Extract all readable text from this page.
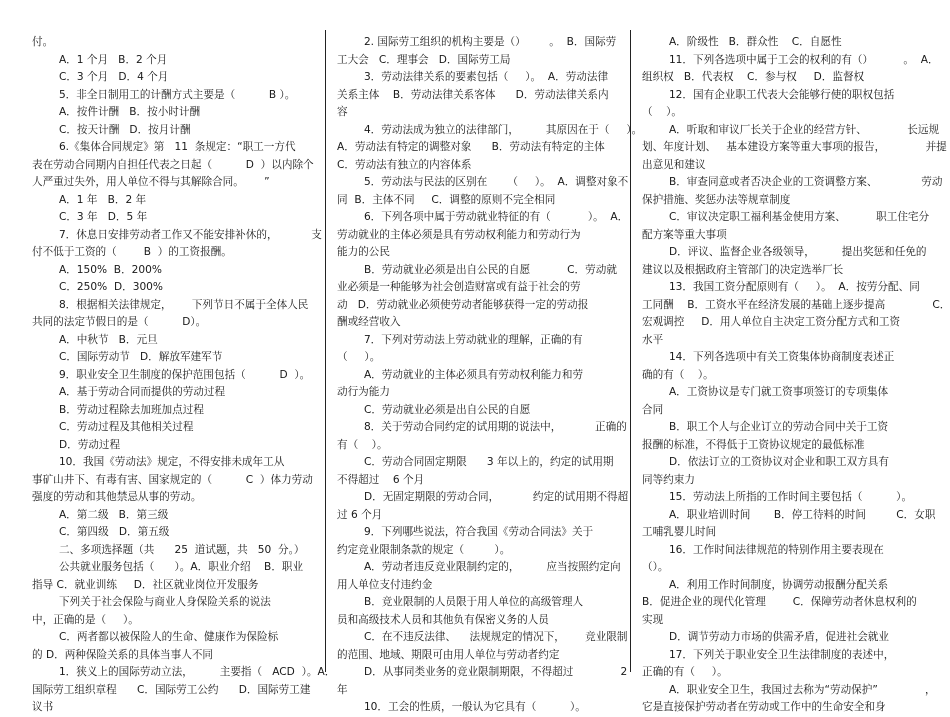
付。
A．1 个月   B．2 个月
C．3 个月   D．4 个月
5．非全日制用工的计酬方式主要是（          B ）。
A．按件计酬   B．按小时计酬
C．按天计酬   D．按月计酬
6.《集体合同规定》第   11  条规定：“职工一方代
表在劳动合同期内自担任代表之日起（          D  ）以内除个
人严重过失外，用人单位不得与其解除合同。      ”
A．1 年   B．2 年
C．3 年   D．5 年
7．休息日安排劳动者工作又不能安排补休的，          支
付不低于工资的（        B  ）的工资报酬。
A．150%  B．200%
C．250%  D．300%
8．根据相关法律规定，      下列节日不属于全体人民
共同的法定节假日的是（          D）。
A．中秋节   B．元旦
C．国际劳动节   D．解放军建军节
9．职业安全卫生制度的保护范围包括（          D  ）。
A．基于劳动合同而提供的劳动过程
B．劳动过程除去加班加点过程
C．劳动过程及其他相关过程
D．劳动过程
10．我国《劳动法》规定，不得安排未成年工从
事矿山井下、有毒有害、国家规定的（          C  ）体力劳动
强度的劳动和其他禁忌从事的劳动。
A．第二级   B．第三级
C．第四级   D．第五级
二、多项选择题（共      25  道试题，共   50  分。）
公共就业服务包括（      ）。A．职业介绍    B．职业
指导 C．就业训练     D．社区就业岗位开发服务
下列关于社会保险与商业人身保险关系的说法
中，正确的是（     ）。
C．两者都以被保险人的生命、健康作为保险标
的 D．两种保险关系的具体当事人不同
1．狭义上的国际劳动立法，        主要指（   ACD  ）。A．
国际劳工组织章程      C．国际劳工公约      D．国际劳工建
议书
2. 国际劳工组织的机构主要是（）       。  B．国际劳
工大会   C．理事会   D．国际劳工局
3．劳动法律关系的要素包括（     ）。  A．劳动法律
关系主体    B．劳动法律关系客体      D．劳动法律关系内
容
4．劳动法成为独立的法律部门，        其原因在于（     ）。
A．劳动法有特定的调整对象      B．劳动法有特定的主体
C．劳动法有独立的内容体系
5．劳动法与民法的区别在      （     ）。  A．调整对象不
同  B．主体不同     C．调整的原则不完全相同
6．下列各项中属于劳动就业特征的有（           ）。  A．
劳动就业的主体必须是具有劳动权利能力和劳动行为
能力的公民
B．劳动就业必须是出自公民的自愿           C．劳动就
业必须是一种能够为社会创造财富或有益于社会的劳
动   D．劳动就业必须使劳动者能够获得一定的劳动报
酬或经营收入
7．下列对劳动法上劳动就业的理解，正确的有
（     ）。
A．劳动就业的主体必须具有劳动权利能力和劳
动行为能力
C．劳动就业必须是出自公民的自愿
8．关于劳动合同约定的试用期的说法中，          正确的
有（    ）。
C．劳动合同固定期限      3 年以上的，约定的试用期
不得超过    6 个月
D．无固定期限的劳动合同，          约定的试用期不得超
过 6 个月
9．下列哪些说法，符合我国《劳动合同法》关于
约定竞业限制条款的规定（         ）。
A．劳动者违反竞业限制约定的，        应当按照约定向
用人单位支付违约金
B．竞业限制的人员限于用人单位的高级管理人
员和高级技术人员和其他负有保密义务的人员
C．在不违反法律、    法规规定的情况下，      竞业限制
的范围、地域、期限可由用人单位与劳动者约定
D．从事同类业务的竞业限制期限，不得超过              2
年
10．工会的性质，一般认为它具有（          ）。
A．阶级性   B．群众性    C．自愿性
11．下列各选项中属于工会的权利的有（）         。  A．
组织权   B．代表权    C．参与权     D．监督权
12．国有企业职工代表大会能够行使的职权包括
（    ）。
A．听取和审议厂长关于企业的经营方针、            长远规
划、年度计划、   基本建设方案等重大事项的报告，            并提
出意见和建议
B．审查同意或者否决企业的工资调整方案、             劳动
保护措施、奖惩办法等规章制度
C．审议决定职工福利基金使用方案、         职工住宅分
配方案等重大事项
D．评议、监督企业各级领导，        提出奖惩和任免的
建议以及根据政府主管部门的决定选举厂长
13．我国工资分配原则有（     ）。  A．按劳分配、同
工同酬    B．工资水平在经济发展的基础上逐步提高              C．
宏观调控     D．用人单位自主决定工资分配方式和工资
水平
14．下列各选项中有关工资集体协商制度表述正
确的有（    ）。
A．工资协议是专门就工资事项签订的专项集体
合同
B．职工个人与企业订立的劳动合同中关于工资
报酬的标准，不得低于工资协议规定的最低标准
D．依法订立的工资协议对企业和职工双方具有
同等约束力
15．劳动法上所指的工作时间主要包括（          ）。
A．职业培训时间       B．停工待料的时间         C．女职
工哺乳婴儿时间
16．工作时间法律规范的特别作用主要表现在
（）。
A．利用工作时间制度，协调劳动报酬分配关系
B．促进企业的现代化管理        C．保障劳动者休息权利的
实现
D．调节劳动力市场的供需矛盾，促进社会就业
17．下列关于职业安全卫生法律制度的表述中，
正确的有（     ）。
A．职业安全卫生，我国过去称为“劳动保护”              ，
它是直接保护劳动者在劳动或工作中的生命安全和身
